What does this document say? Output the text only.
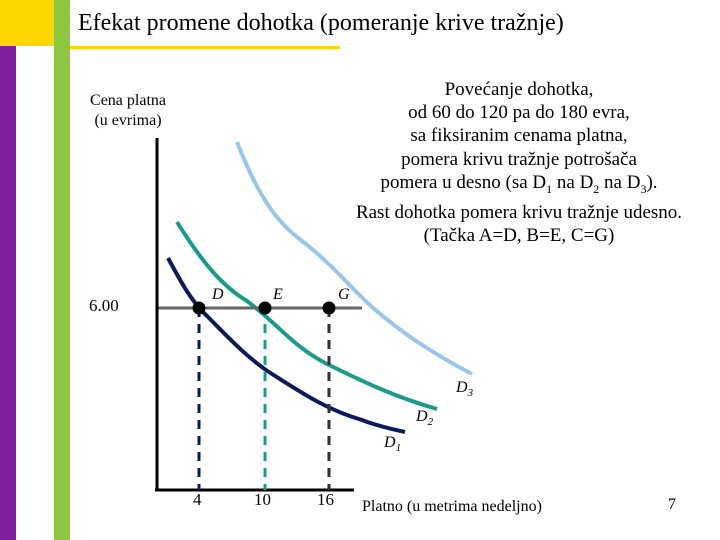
Efekat promene dohotka (pomeranje krive tražnje)
Cena platna
(u evrima)
Povećanje dohotka,
od 60 do 120 pa do 180 evra,
sa fiksiranim cenama platna,
pomera krivu tražnje potrošača
pomera u desno (sa $D_1$ na $D_2$ na $D_3$).
Rast dohotka pomera krivu tražnje udesno.
(Tačka A=D, B=E, C=G)
D	E	G
$D_3$
$D_2$
$D_1$
6.00
4	10	16 Platno (u metrima nedeljno)	7
